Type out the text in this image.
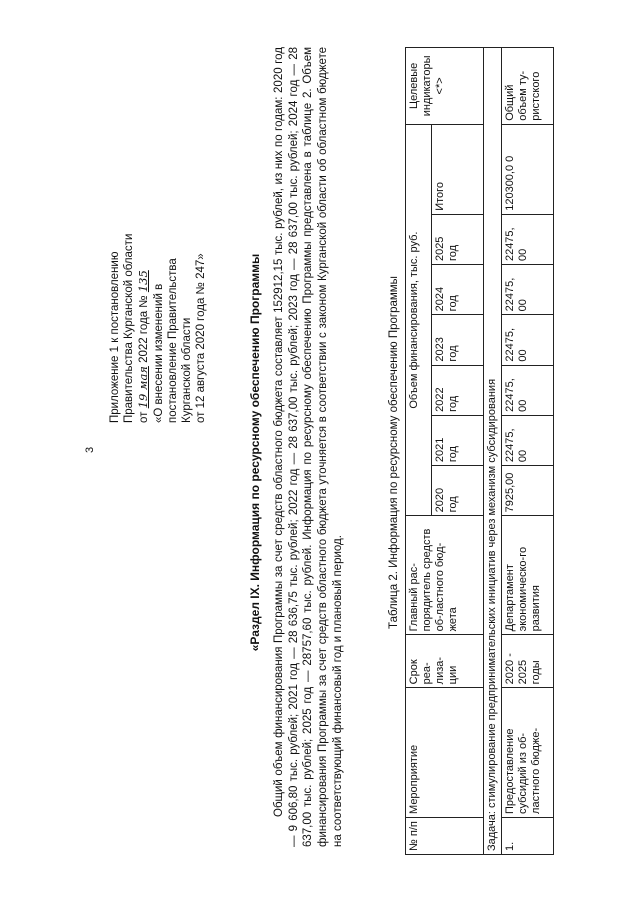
3
Приложение 1 к постановлению Правительства Курганской области от 19 мая 2022 года № 135
«О внесении изменений в постановление Правительства Курганской области от 12 августа 2020 года № 247»	«Раздел IX. Информация по ресурсному обеспечению Программы Общий объем финансирования Программы за счет средств областного бюджета составляет 152912,15 тыс. рублей, из них по годам: 2020 год — 9 606,80 тыс. рублей; 2021 год — 28 636,75 тыс. рублей; 2022 год — 28 637,00 тыс. рублей; 2023 год — 28 637,00 тыс. рублей; 2024 год — 28 637,00 тыс. рублей; 2025 год — 28757,60 тыс. рублей. Информация по ресурсному обеспечению Программы представлена в таблице 2. Объем финансирования Программы за счет средств областного бюджета уточняется в соответствии с законом Курганской области об областном бюджете на соответствующий финансовый год и плановый период.

Таблица 2. Информация по ресурсному обеспечению Программы
№ п/п	Мероприятие	Срок реа-лиза-ции	Главный рас-порядитель средств об-ластного бюд-жета	Объем финансирования, тыс. руб.							Целевые индикаторы <*>
				2020 год	2021 год	2022 год	2023 год	2024 год	2025 год	Итого	
Задача: стимулирование предпринимательских инициатив через механизм субсидирования											
1.	Предоставление субсидий из об-ластного бюдже-	2020 - 2025 годы	Департамент экономическо-го развития	7925,00	22475, 00	22475, 00	22475, 00	22475, 00	22475, 00	120300,0 0	Общий объем ту-ристского
